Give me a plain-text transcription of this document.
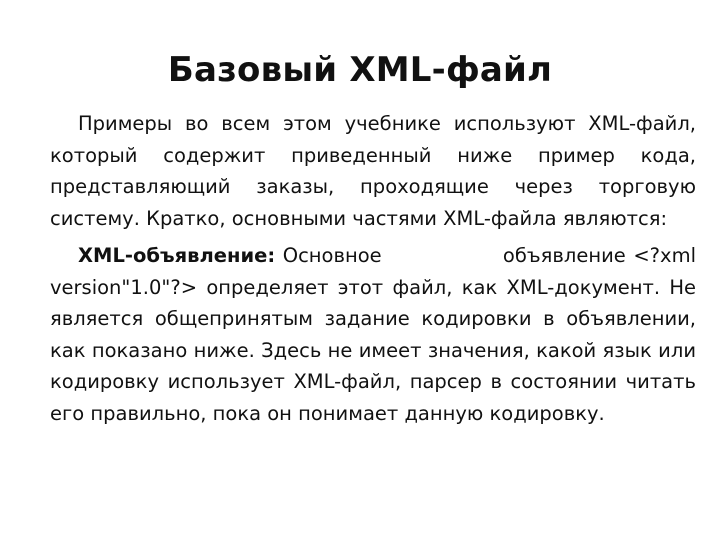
Базовый XML-файл

Примеры во всем этом учебнике используют XML-файл, который содержит приведенный ниже пример кода, представляющий заказы, проходящие через торговую систему. Кратко, основными частями XML-файла являются:

XML-объявление: Основное                объявление <?xml version"1.0"?> определяет этот файл, как XML-документ. Не является общепринятым задание кодировки в объявлении, как показано ниже. Здесь не имеет значения, какой язык или кодировку использует XML-файл, парсер в состоянии читать его правильно, пока он понимает данную кодировку.
